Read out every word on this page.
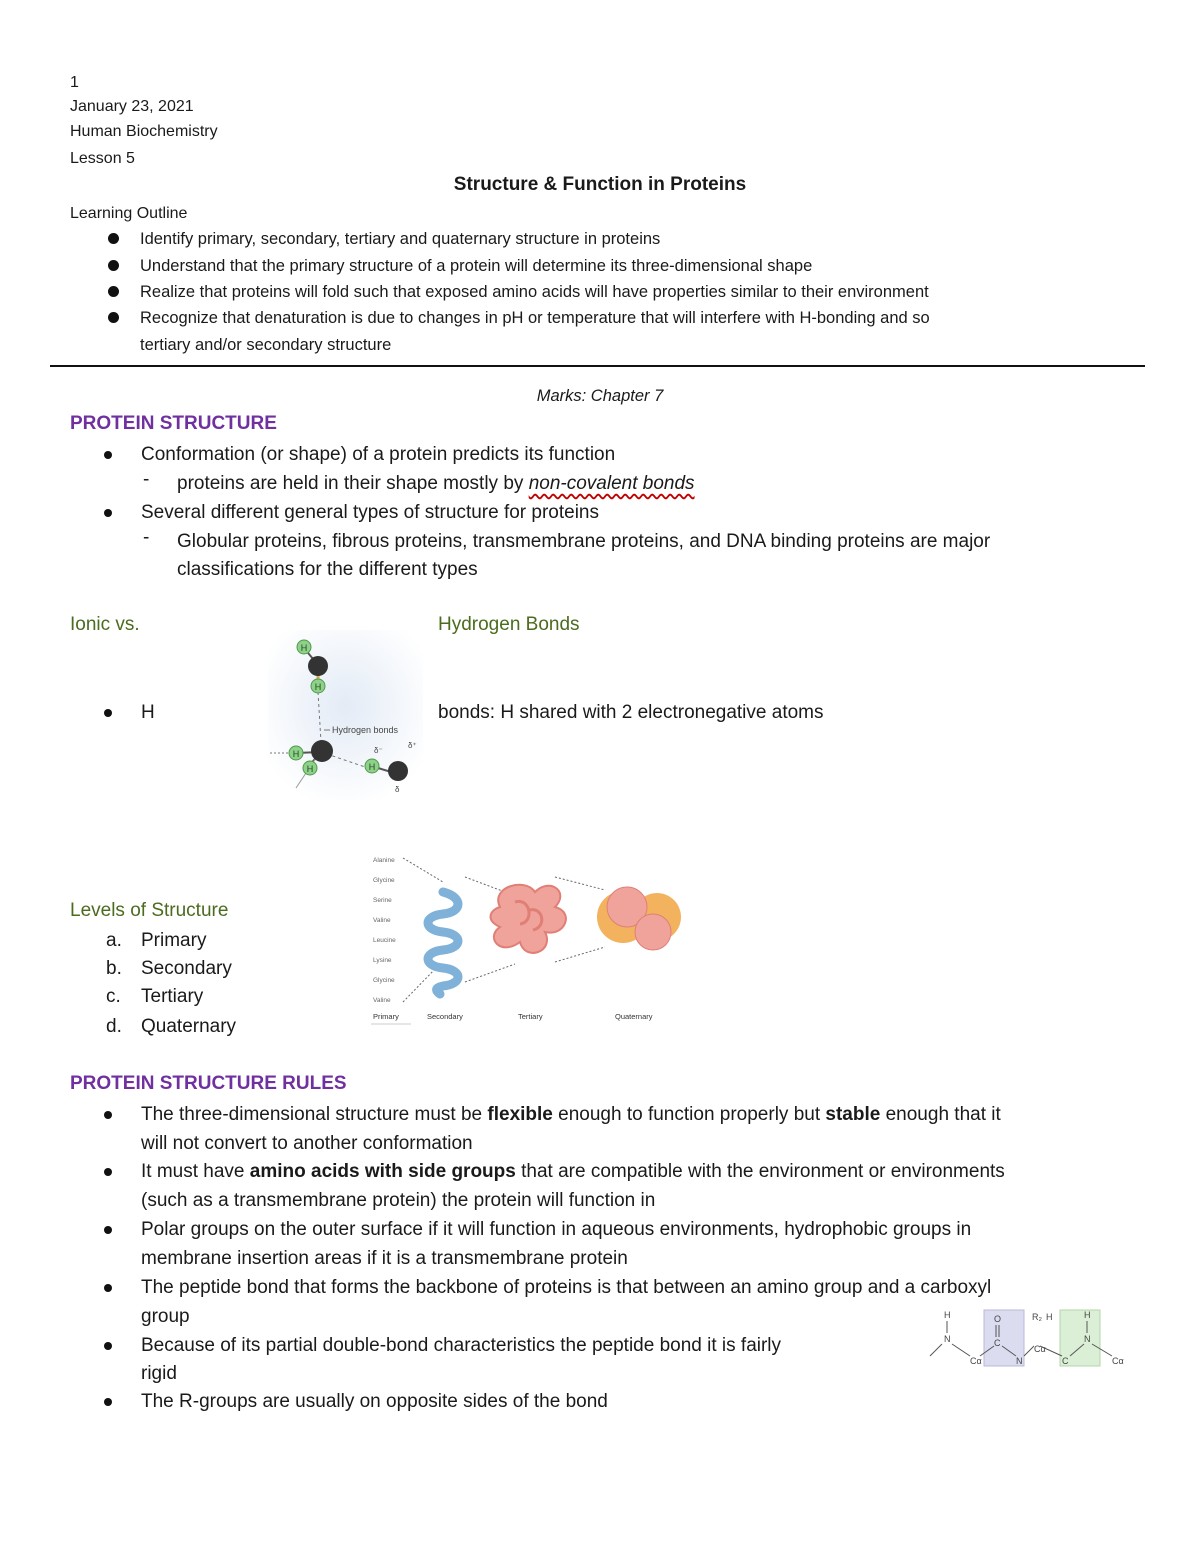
1
January 23, 2021
Human Biochemistry
Lesson 5
Structure & Function in Proteins
Learning Outline
Identify primary, secondary, tertiary and quaternary structure in proteins
Understand that the primary structure of a protein will determine its three-dimensional shape
Realize that proteins will fold such that exposed amino acids will have properties similar to their environment
Recognize that denaturation is due to changes in pH or temperature that will interfere with H-bonding and so
tertiary and/or secondary structure
Marks: Chapter 7
PROTEIN STRUCTURE
Conformation (or shape) of a protein predicts its function
- proteins are held in their shape mostly by non-covalent bonds
Several different general types of structure for proteins
- Globular proteins, fibrous proteins, transmembrane proteins, and DNA binding proteins are major
classifications for the different types
Ionic vs.	Hydrogen Bonds
H	bonds: H shared with 2 electronegative atoms
H
H
H
H	H
Hydrogen bonds
δ⁻
δ⁺
δ
Levels of Structure
a. Primary
b. Secondary
c. Tertiary
d. Quaternary
Alanine
Glycine
Serine
Valine
Leucine
Lysine
Glycine
Valine
Primary	Secondary	Tertiary	Quaternary
PROTEIN STRUCTURE RULES
The three-dimensional structure must be flexible enough to function properly but stable enough that it
will not convert to another conformation
It must have amino acids with side groups that are compatible with the environment or environments
(such as a transmembrane protein) the protein will function in
Polar groups on the outer surface if it will function in aqueous environments, hydrophobic groups in
membrane insertion areas if it is a transmembrane protein
The peptide bond that forms the backbone of proteins is that between an amino group and a carboxyl
group
Because of its partial double-bond characteristics the peptide bond it is fairly
rigid
The R-groups are usually on opposite sides of the bond
H
N
Cα
O
C
N
R₂ H
Cα
C
H
N
Cα
